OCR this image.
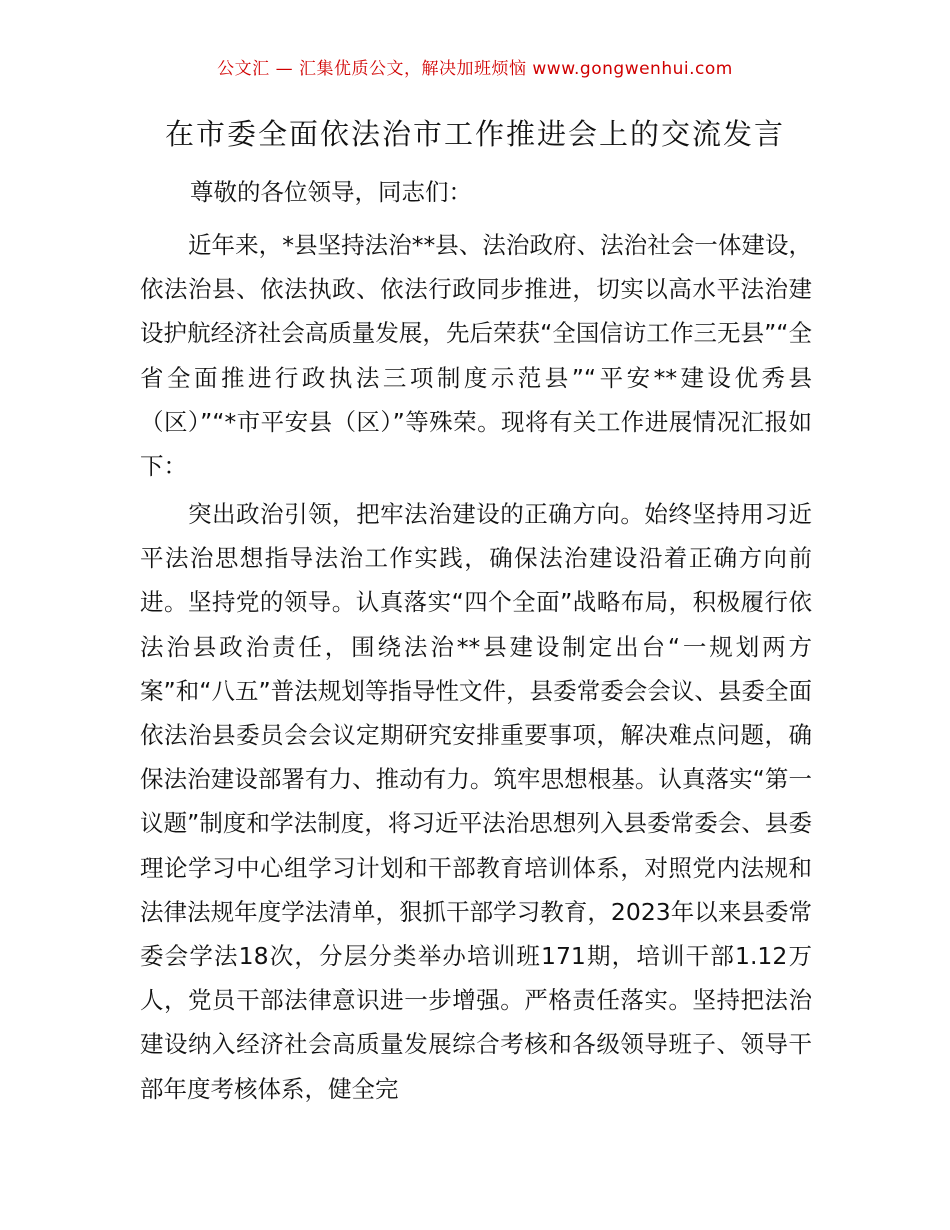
公文汇 — 汇集优质公文，解决加班烦恼 www.gongwenhui.com
在市委全面依法治市工作推进会上的交流发言

尊敬的各位领导，同志们：

近年来，*县坚持法治**县、法治政府、法治社会一体建设，依法治县、依法执政、依法行政同步推进，切实以高水平法治建设护航经济社会高质量发展，先后荣获“全国信访工作三无县”“全省全面推进行政执法三项制度示范县”“平安**建设优秀县（区）”“*市平安县（区）”等殊荣。现将有关工作进展情况汇报如下：

突出政治引领，把牢法治建设的正确方向。始终坚持用习近平法治思想指导法治工作实践，确保法治建设沿着正确方向前进。坚持党的领导。认真落实“四个全面”战略布局，积极履行依法治县政治责任，围绕法治**县建设制定出台“一规划两方案”和“八五”普法规划等指导性文件，县委常委会会议、县委全面依法治县委员会会议定期研究安排重要事项，解决难点问题，确保法治建设部署有力、推动有力。筑牢思想根基。认真落实“第一议题”制度和学法制度，将习近平法治思想列入县委常委会、县委理论学习中心组学习计划和干部教育培训体系，对照党内法规和法律法规年度学法清单，狠抓干部学习教育，2023年以来县委常委会学法18次，分层分类举办培训班171期，培训干部1.12万人，党员干部法律意识进一步增强。严格责任落实。坚持把法治建设纳入经济社会高质量发展综合考核和各级领导班子、领导干部年度考核体系，健全完
